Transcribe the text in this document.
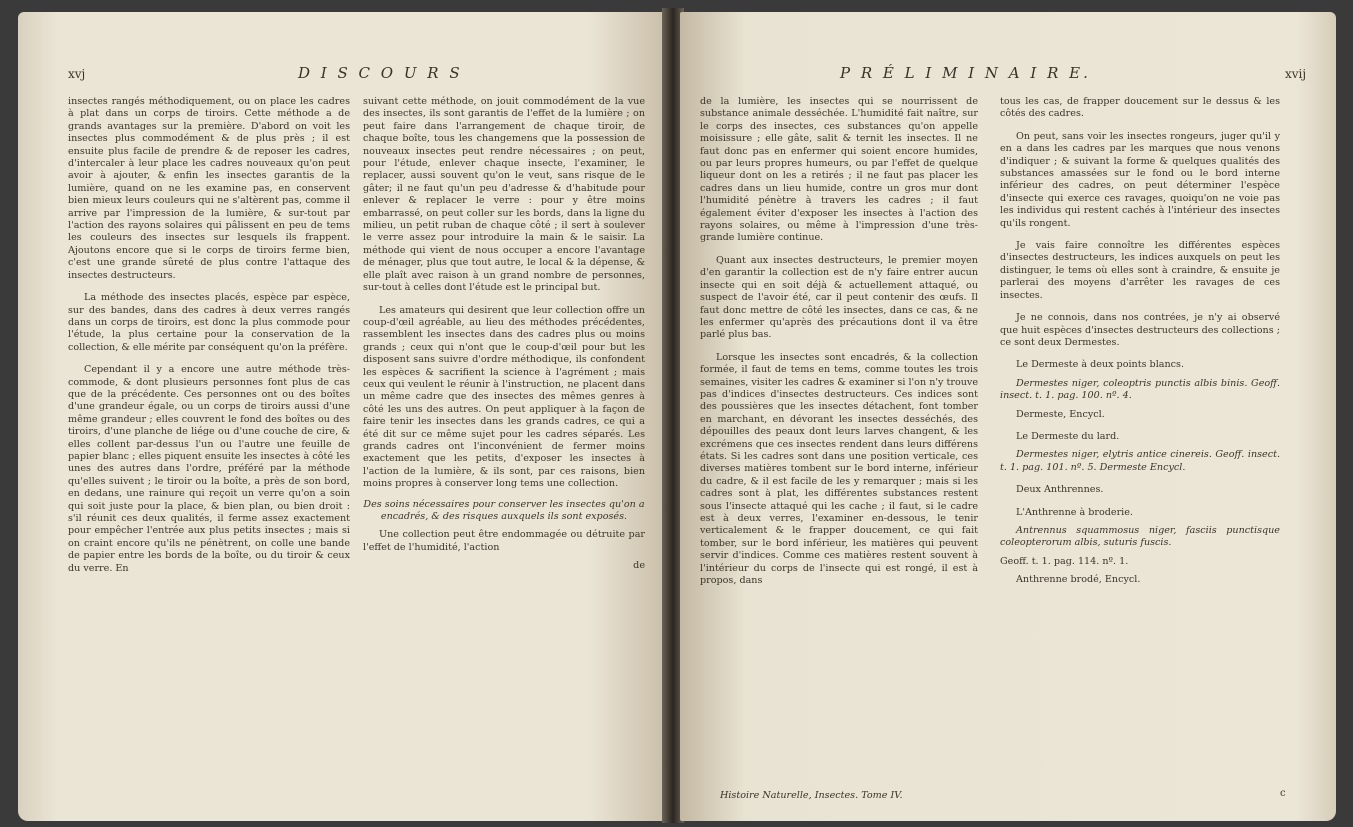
xvj	D I S C O U R S

insectes rangés méthodiquement, ou on place les cadres à plat dans un corps de tiroirs. Cette méthode a de grands avantages sur la première. D'abord on voit les insectes plus commodément & de plus près ; il est ensuite plus facile de prendre & de reposer les cadres, d'intercaler à leur place les cadres nouveaux qu'on peut avoir à ajouter, & enfin les insectes garantis de la lumière, quand on ne les examine pas, en conservent bien mieux leurs couleurs qui ne s'altèrent pas, comme il arrive par l'impression de la lumière, & sur-tout par l'action des rayons solaires qui pâlissent en peu de tems les couleurs des insectes sur lesquels ils frappent. Ajoutons encore que si le corps de tiroirs ferme bien, c'est une grande sûreté de plus contre l'attaque des insectes destructeurs.

La méthode des insectes placés, espèce par espèce, sur des bandes, dans des cadres à deux verres rangés dans un corps de tiroirs, est donc la plus commode pour l'étude, la plus certaine pour la conservation de la collection, & elle mérite par conséquent qu'on la préfère.

Cependant il y a encore une autre méthode très-commode, & dont plusieurs personnes font plus de cas que de la précédente. Ces personnes ont ou des boîtes d'une grandeur égale, ou un corps de tiroirs aussi d'une même grandeur ; elles couvrent le fond des boîtes ou des tiroirs, d'une planche de liége ou d'une couche de cire, & elles collent par-dessus l'un ou l'autre une feuille de papier blanc ; elles piquent ensuite les insectes à côté les unes des autres dans l'ordre, préféré par la méthode qu'elles suivent ; le tiroir ou la boîte, a près de son bord, en dedans, une rainure qui reçoit un verre qu'on a soin qui soit juste pour la place, & bien plan, ou bien droit : s'il réunit ces deux qualités, il ferme assez exactement pour empêcher l'entrée aux plus petits insectes ; mais si on craint encore qu'ils ne pénètrent, on colle une bande de papier entre les bords de la boîte, ou du tiroir & ceux du verre. En

suivant cette méthode, on jouit commodément de la vue des insectes, ils sont garantis de l'effet de la lumière ; on peut faire dans l'arrangement de chaque tiroir, de chaque boîte, tous les changemens que la possession de nouveaux insectes peut rendre nécessaires ; on peut, pour l'étude, enlever chaque insecte, l'examiner, le replacer, aussi souvent qu'on le veut, sans risque de le gâter; il ne faut qu'un peu d'adresse & d'habitude pour enlever & replacer le verre : pour y être moins embarrassé, on peut coller sur les bords, dans la ligne du milieu, un petit ruban de chaque côté ; il sert à soulever le verre assez pour introduire la main & le saisir. La méthode qui vient de nous occuper a encore l'avantage de ménager, plus que tout autre, le local & la dépense, & elle plaît avec raison à un grand nombre de personnes, sur-tout à celles dont l'étude est le principal but.

Les amateurs qui desirent que leur collection offre un coup-d'œil agréable, au lieu des méthodes précédentes, rassemblent les insectes dans des cadres plus ou moins grands ; ceux qui n'ont que le coup-d'œil pour but les disposent sans suivre d'ordre méthodique, ils confondent les espèces & sacrifient la science à l'agrément ; mais ceux qui veulent le réunir à l'instruction, ne placent dans un même cadre que des insectes des mêmes genres à côté les uns des autres. On peut appliquer à la façon de faire tenir les insectes dans les grands cadres, ce qui a été dit sur ce même sujet pour les cadres séparés. Les grands cadres ont l'inconvénient de fermer moins exactement que les petits, d'exposer les insectes à l'action de la lumière, & ils sont, par ces raisons, bien moins propres à conserver long tems une collection.

Des soins nécessaires pour conserver les insectes qu'on a encadrés, & des risques auxquels ils sont exposés.

Une collection peut être endommagée ou détruite par l'effet de l'humidité, l'action

de

P R É L I M I N A I R E.	xvij

de la lumière, les insectes qui se nourrissent de substance animale desséchée. L'humidité fait naître, sur le corps des insectes, ces substances qu'on appelle moisissure ; elle gâte, salit & ternit les insectes. Il ne faut donc pas en enfermer qui soient encore humides, ou par leurs propres humeurs, ou par l'effet de quelque liqueur dont on les a retirés ; il ne faut pas placer les cadres dans un lieu humide, contre un gros mur dont l'humidité pénètre à travers les cadres ; il faut également éviter d'exposer les insectes à l'action des rayons solaires, ou même à l'impression d'une très-grande lumière continue.

Quant aux insectes destructeurs, le premier moyen d'en garantir la collection est de n'y faire entrer aucun insecte qui en soit déjà & actuellement attaqué, ou suspect de l'avoir été, car il peut contenir des œufs. Il faut donc mettre de côté les insectes, dans ce cas, & ne les enfermer qu'après des précautions dont il va être parlé plus bas.

Lorsque les insectes sont encadrés, & la collection formée, il faut de tems en tems, comme toutes les trois semaines, visiter les cadres & examiner si l'on n'y trouve pas d'indices d'insectes destructeurs. Ces indices sont des poussières que les insectes détachent, font tomber en marchant, en dévorant les insectes desséchés, des dépouilles des peaux dont leurs larves changent, & les excrémens que ces insectes rendent dans leurs différens états. Si les cadres sont dans une position verticale, ces diverses matières tombent sur le bord interne, inférieur du cadre, & il est facile de les y remarquer ; mais si les cadres sont à plat, les différentes substances restent sous l'insecte attaqué qui les cache ; il faut, si le cadre est à deux verres, l'examiner en-dessous, le tenir verticalement & le frapper doucement, ce qui fait tomber, sur le bord inférieur, les matières qui peuvent servir d'indices. Comme ces matières restent souvent à l'intérieur du corps de l'insecte qui est rongé, il est à propos, dans

Histoire Naturelle, Insectes. Tome IV.

tous les cas, de frapper doucement sur le dessus & les côtés des cadres.

On peut, sans voir les insectes rongeurs, juger qu'il y en a dans les cadres par les marques que nous venons d'indiquer ; & suivant la forme & quelques qualités des substances amassées sur le fond ou le bord interne inférieur des cadres, on peut déterminer l'espèce d'insecte qui exerce ces ravages, quoiqu'on ne voie pas les individus qui restent cachés à l'intérieur des insectes qu'ils rongent.

Je vais faire connoître les différentes espèces d'insectes destructeurs, les indices auxquels on peut les distinguer, le tems où elles sont à craindre, & ensuite je parlerai des moyens d'arrêter les ravages de ces insectes.

Je ne connois, dans nos contrées, je n'y ai observé que huit espèces d'insectes destructeurs des collections ; ce sont deux Dermestes.

Le Dermeste à deux points blancs.

Dermestes niger, coleoptris punctis albis binis. Geoff. insect. t. 1. pag. 100. nº. 4.

Dermeste, Encycl.

Le Dermeste du lard.

Dermestes niger, elytris antice cinereis. Geoff. insect. t. 1. pag. 101. nº. 5. Dermeste Encycl.

Deux Anthrennes.

L'Anthrenne à broderie.

Antrennus squammosus niger, fasciis punctisque coleopterorum albis, suturis fuscis.

Geoff. t. 1. pag. 114. nº. 1.

Anthrenne brodé, Encycl.

c
